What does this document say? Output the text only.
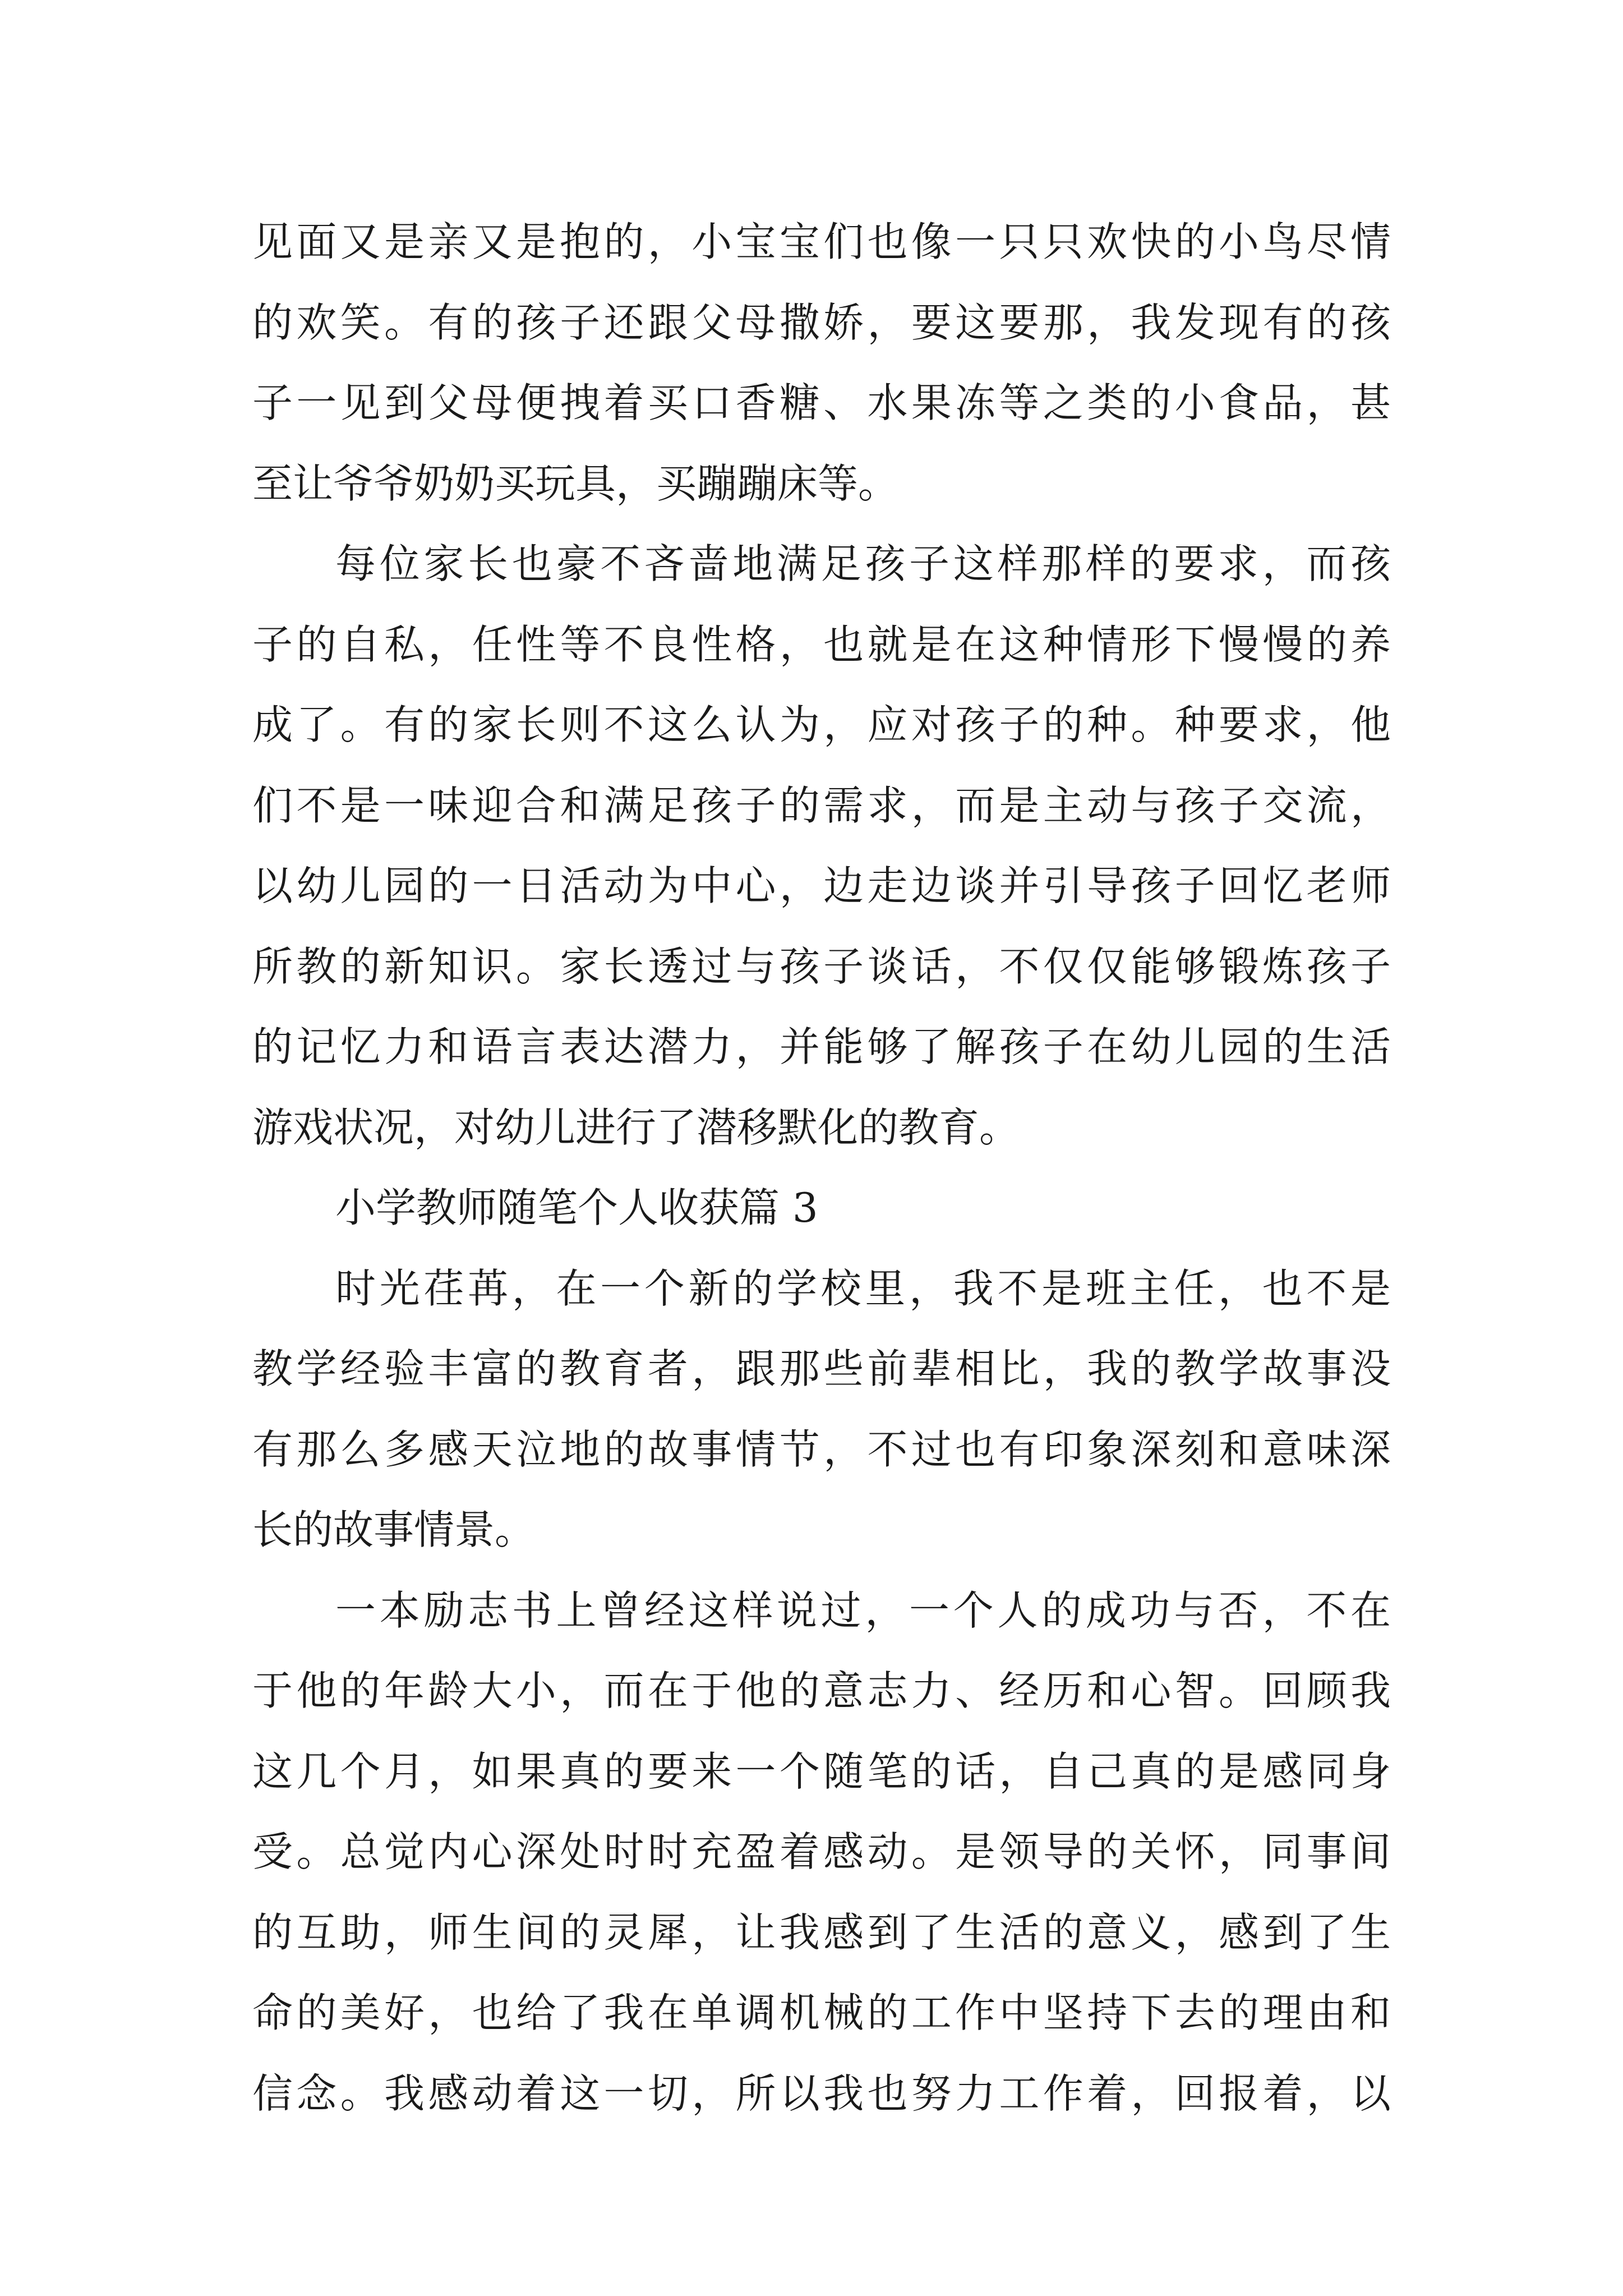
见面又是亲又是抱的，小宝宝们也像一只只欢快的小鸟尽情
的欢笑。有的孩子还跟父母撒娇，要这要那，我发现有的孩
子一见到父母便拽着买口香糖、水果冻等之类的小食品，甚
至让爷爷奶奶买玩具，买蹦蹦床等。
每位家长也豪不吝啬地满足孩子这样那样的要求，而孩
子的自私，任性等不良性格，也就是在这种情形下慢慢的养
成了。有的家长则不这么认为，应对孩子的种。种要求，他
们不是一味迎合和满足孩子的需求，而是主动与孩子交流，
以幼儿园的一日活动为中心，边走边谈并引导孩子回忆老师
所教的新知识。家长透过与孩子谈话，不仅仅能够锻炼孩子
的记忆力和语言表达潜力，并能够了解孩子在幼儿园的生活
游戏状况，对幼儿进行了潜移默化的教育。
小学教师随笔个人收获篇 3
时光荏苒，在一个新的学校里，我不是班主任，也不是
教学经验丰富的教育者，跟那些前辈相比，我的教学故事没
有那么多感天泣地的故事情节，不过也有印象深刻和意味深
长的故事情景。
一本励志书上曾经这样说过，一个人的成功与否，不在
于他的年龄大小，而在于他的意志力、经历和心智。回顾我
这几个月，如果真的要来一个随笔的话，自己真的是感同身
受。总觉内心深处时时充盈着感动。是领导的关怀，同事间
的互助，师生间的灵犀，让我感到了生活的意义，感到了生
命的美好，也给了我在单调机械的工作中坚持下去的理由和
信念。我感动着这一切，所以我也努力工作着，回报着，以
